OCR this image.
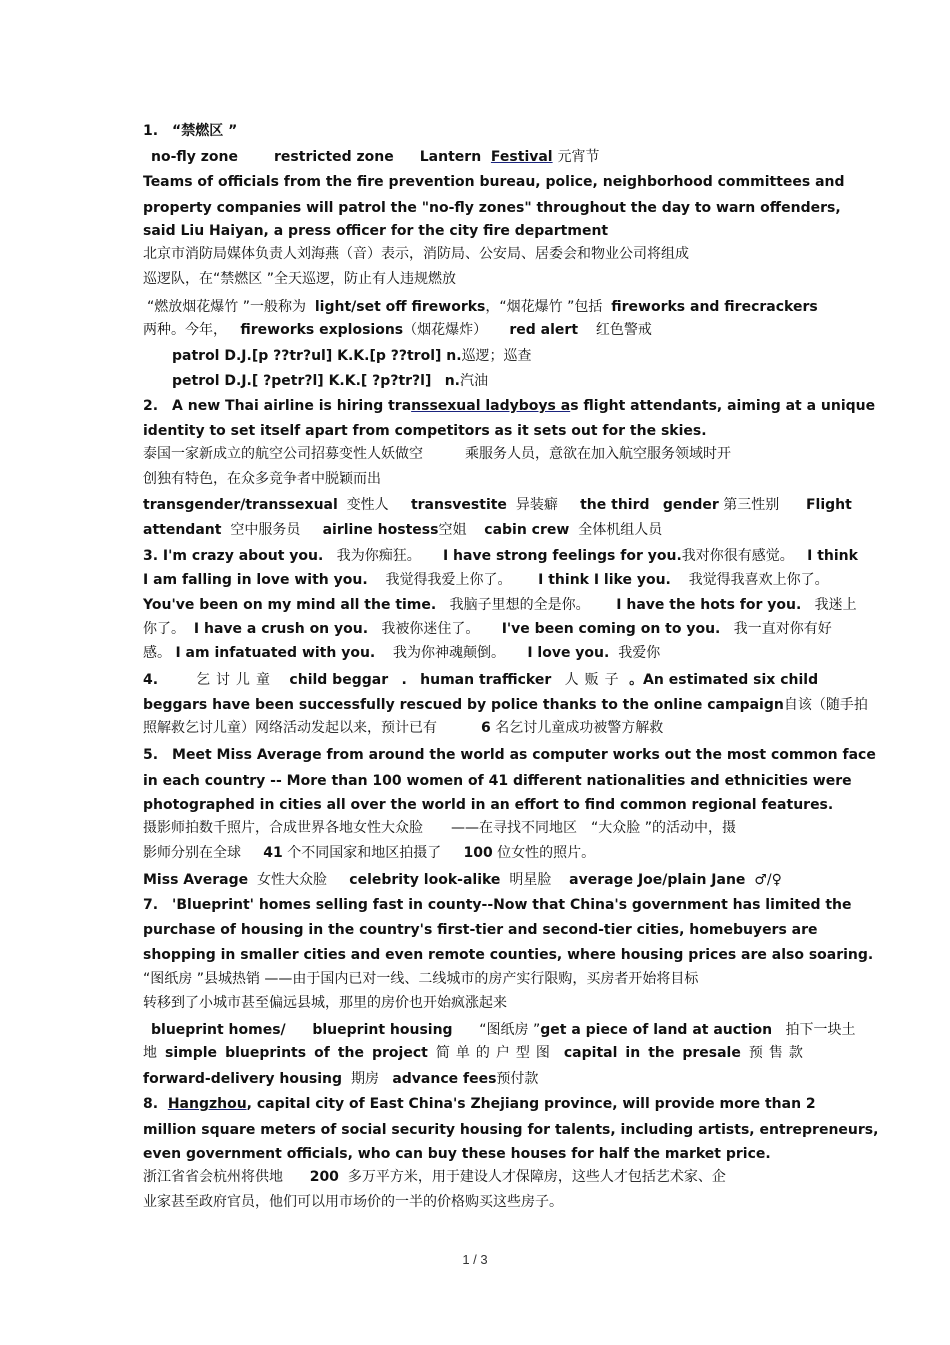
1.　“禁燃区 ”
no-fly zone	restricted zone Lantern Festival 元宵节
Teams of officials from the fire prevention bureau, police, neighborhood committees and
property companies will patrol the "no-fly zones" throughout the day to warn offenders,
said Liu Haiyan, a press officer for the city fire department
北京市消防局媒体负责人刘海燕（音）表示，消防局、公安局、居委会和物业公司将组成
巡逻队，在“禁燃区 ”全天巡逻，防止有人违规燃放
“燃放烟花爆竹 ”一般称为 light/set off fireworks，“烟花爆竹 ”包括 fireworks and firecrackers
两种。今年， fireworks explosions（烟花爆炸） red alert 红色警戒
patrol D.J.[p ??tr?ul] K.K.[p ??trol] n.巡逻；巡查
petrol D.J.[ ?petr?l] K.K.[ ?p?tr?l] n.汽油
2.　A new Thai airline is hiring transsexual ladyboys as flight attendants, aiming at a unique
identity to set itself apart from competitors as it sets out for the skies.
泰国一家新成立的航空公司招募变性人妖做空　　　乘服务人员，意欲在加入航空服务领域时开
创独有特色，在众多竞争者中脱颖而出
transgender/transsexual 变性人 transvestite 异装癖 the third gender 第三性别 Flight
attendant 空中服务员 airline hostess空姐 cabin crew 全体机组人员
3. I'm crazy about you. 我为你痴狂。 I have strong feelings for you.我对你很有感觉。 I think
I am falling in love with you. 我觉得我爱上你了。 I think I like you. 我觉得我喜欢上你了。
You've been on my mind all the time. 我脑子里想的全是你。 I have the hots for you. 我迷上
你了。 I have a crush on you. 我被你迷住了。 I've been coming on to you. 我一直对你有好
感。 I am infatuated with you. 我为你神魂颠倒。 I love you. 我爱你
4.	乞讨儿童 child beggar . human trafficker 人贩子 。An estimated six child
beggars have been successfully rescued by police thanks to the online campaign自该（随手拍
照解救乞讨儿童）网络活动发起以来，预计已有	6 名乞讨儿童成功被警方解救
5.　Meet Miss Average from around the world as computer works out the most common face
in each country -- More than 100 women of 41 different nationalities and ethnicities were
photographed in cities all over the world in an effort to find common regional features.
摄影师拍数千照片，合成世界各地女性大众脸　　——在寻找不同地区　“大众脸 ”的活动中，摄
影师分别在全球 41 个不同国家和地区拍摄了 100 位女性的照片。
Miss Average 女性大众脸 celebrity look-alike 明星脸 average Joe/plain Jane ♂/♀
7.　'Blueprint' homes selling fast in county--Now that China's government has limited the
purchase of housing in the country's first-tier and second-tier cities, homebuyers are
shopping in smaller cities and even remote counties, where housing prices are also soaring.
“图纸房 ”县城热销 ——由于国内已对一线、二线城市的房产实行限购，买房者开始将目标
转移到了小城市甚至偏远县城，那里的房价也开始疯涨起来
blueprint homes/ blueprint housing “图纸房 ”get a piece of land at auction 拍下一块土
地 simple blueprints of the project 简单的户型图 capital in the presale 预售款
forward-delivery housing 期房 advance fees预付款
8. Hangzhou, capital city of East China's Zhejiang province, will provide more than 2
million square meters of social security housing for talents, including artists, entrepreneurs,
even government officials, who can buy these houses for half the market price.
浙江省省会杭州将供地 200 多万平方米，用于建设人才保障房，这些人才包括艺术家、企
业家甚至政府官员，他们可以用市场价的一半的价格购买这些房子。
1 / 3
